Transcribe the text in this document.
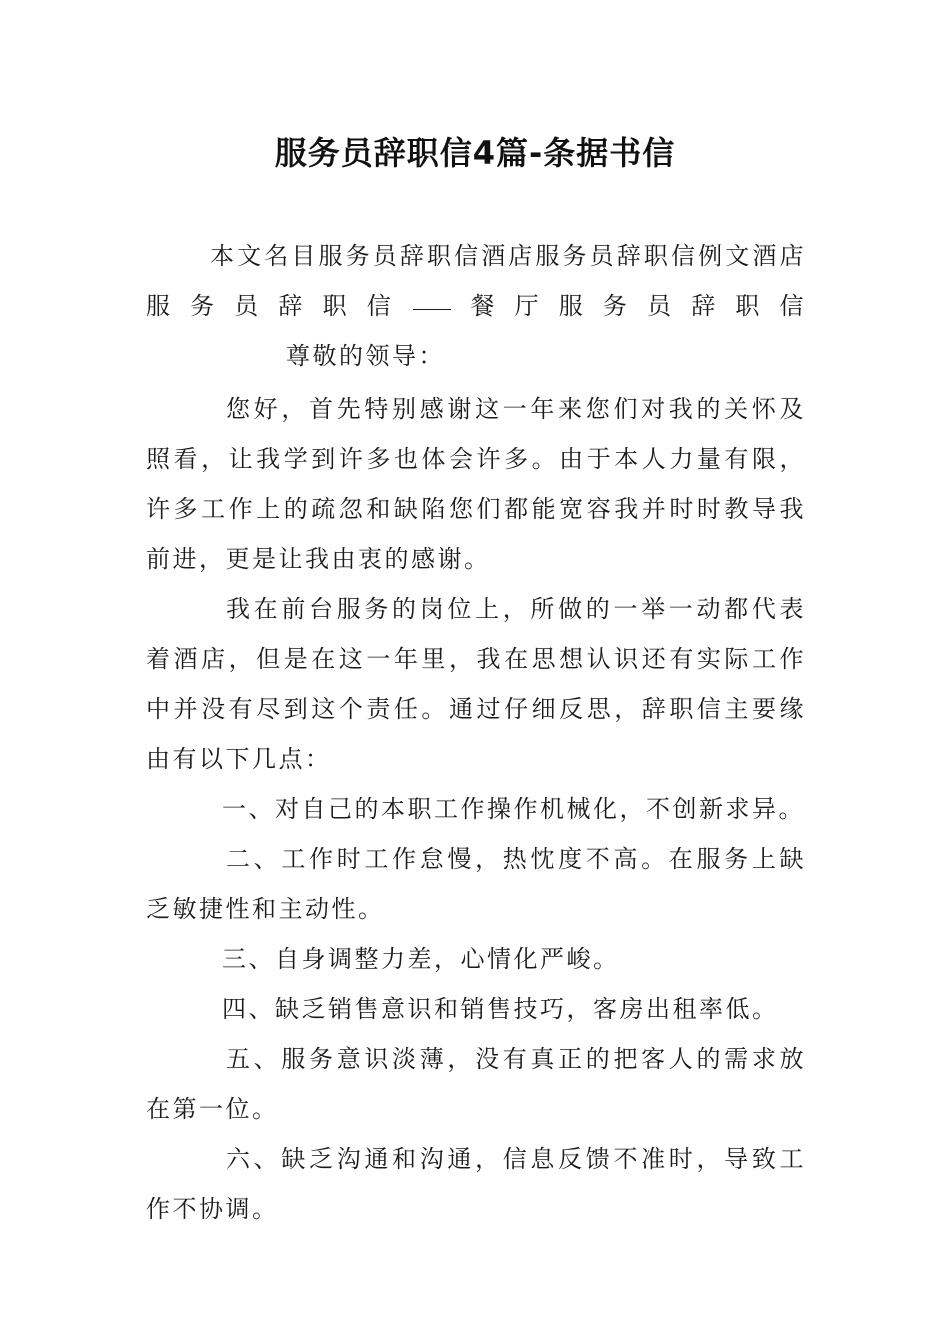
服务员辞职信4篇-条据书信

本文名目服务员辞职信酒店服务员辞职信例文酒店服务员辞职信 餐厅服务员辞职信尊敬的领导：

您好，首先特别感谢这一年来您们对我的关怀及照看，让我学到许多也体会许多。由于本人力量有限，许多工作上的疏忽和缺陷您们都能宽容我并时时教导我前进，更是让我由衷的感谢。

我在前台服务的岗位上，所做的一举一动都代表着酒店，但是在这一年里，我在思想认识还有实际工作中并没有尽到这个责任。通过仔细反思，辞职信主要缘由有以下几点：

一、对自己的本职工作操作机械化，不创新求异。

二、工作时工作怠慢，热忱度不高。在服务上缺乏敏捷性和主动性。

三、自身调整力差，心情化严峻。

四、缺乏销售意识和销售技巧，客房出租率低。

五、服务意识淡薄，没有真正的把客人的需求放在第一位。

六、缺乏沟通和沟通，信息反馈不准时，导致工作不协调。
